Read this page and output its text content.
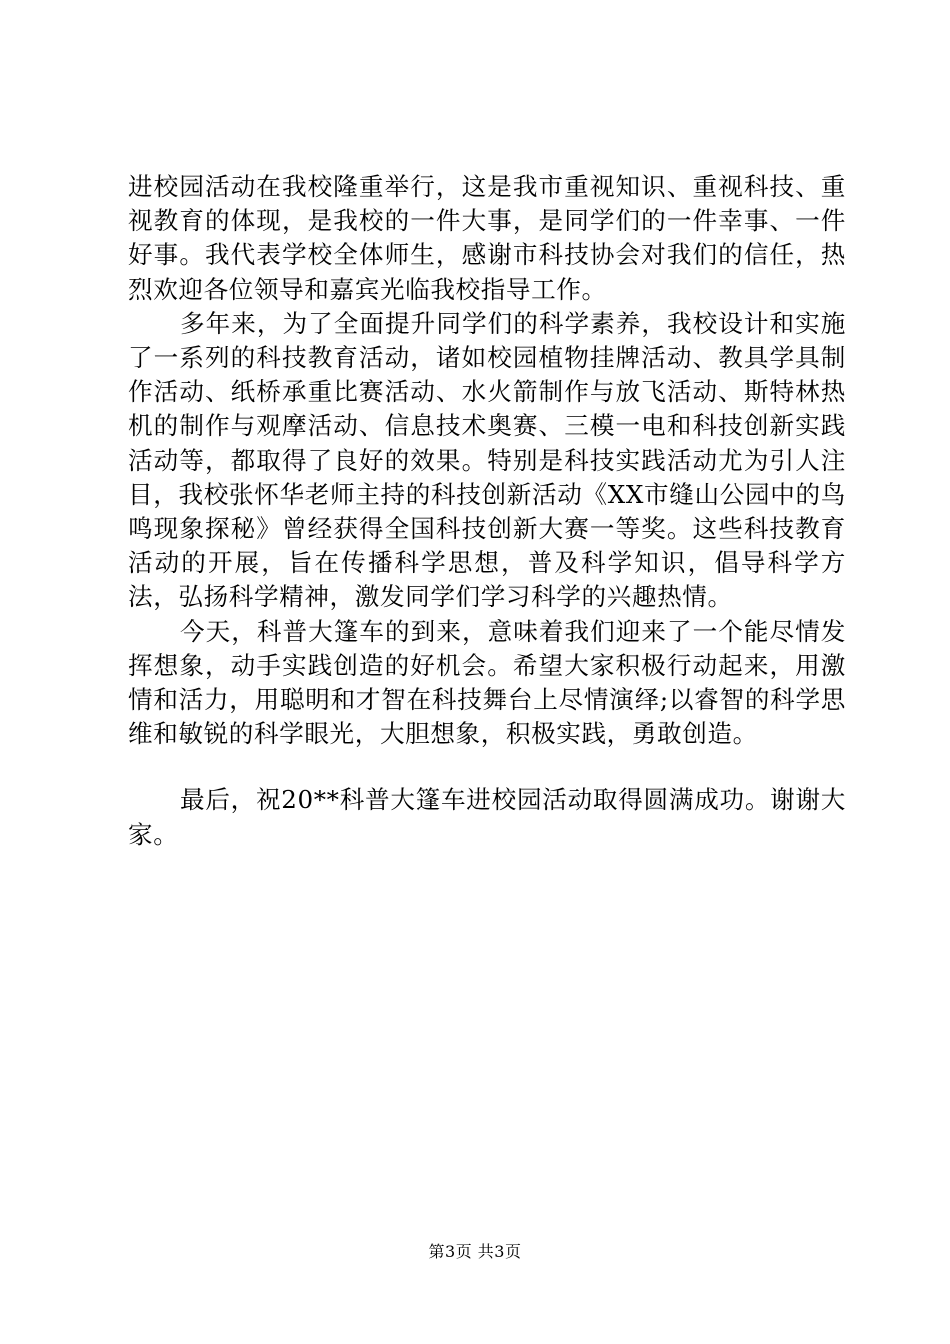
进校园活动在我校隆重举行，这是我市重视知识、重视科技、重视教育的体现，是我校的一件大事，是同学们的一件幸事、一件好事。我代表学校全体师生，感谢市科技协会对我们的信任，热烈欢迎各位领导和嘉宾光临我校指导工作。

多年来，为了全面提升同学们的科学素养，我校设计和实施了一系列的科技教育活动，诸如校园植物挂牌活动、教具学具制作活动、纸桥承重比赛活动、水火箭制作与放飞活动、斯特林热机的制作与观摩活动、信息技术奥赛、三模一电和科技创新实践活动等，都取得了良好的效果。特别是科技实践活动尤为引人注目，我校张怀华老师主持的科技创新活动《XX市缝山公园中的鸟鸣现象探秘》曾经获得全国科技创新大赛一等奖。这些科技教育活动的开展，旨在传播科学思想，普及科学知识，倡导科学方法，弘扬科学精神，激发同学们学习科学的兴趣热情。

今天，科普大篷车的到来，意味着我们迎来了一个能尽情发挥想象，动手实践创造的好机会。希望大家积极行动起来，用激情和活力，用聪明和才智在科技舞台上尽情演绎;以睿智的科学思维和敏锐的科学眼光，大胆想象，积极实践，勇敢创造。

最后，祝20**科普大篷车进校园活动取得圆满成功。谢谢大家。

第3页 共3页
